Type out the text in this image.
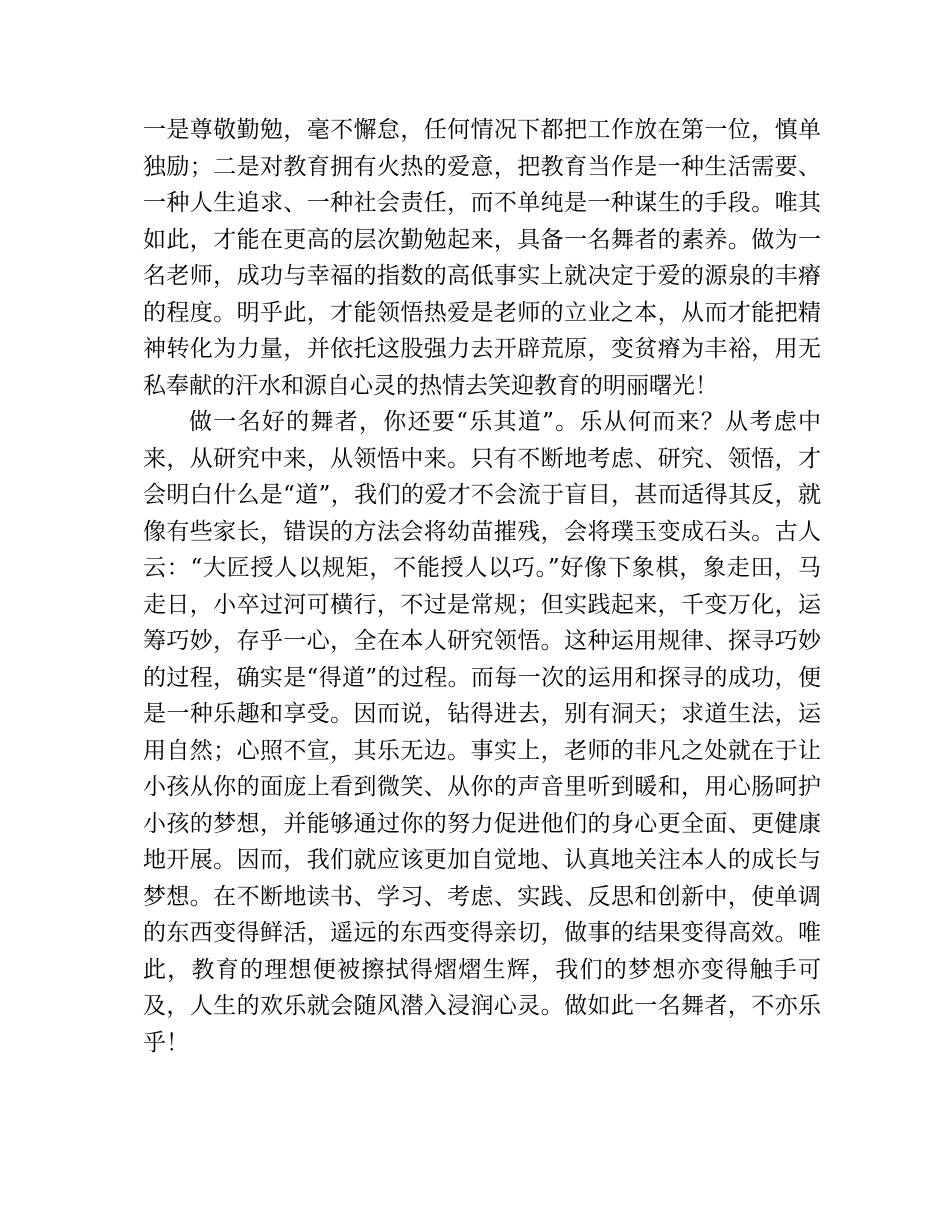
一是尊敬勤勉，毫不懈怠，任何情况下都把工作放在第一位，慎单独励；二是对教育拥有火热的爱意，把教育当作是一种生活需要、一种人生追求、一种社会责任，而不单纯是一种谋生的手段。唯其如此，才能在更高的层次勤勉起来，具备一名舞者的素养。做为一名老师，成功与幸福的指数的高低事实上就决定于爱的源泉的丰瘠的程度。明乎此，才能领悟热爱是老师的立业之本，从而才能把精神转化为力量，并依托这股强力去开辟荒原，变贫瘠为丰裕，用无私奉献的汗水和源自心灵的热情去笑迎教育的明丽曙光！

做一名好的舞者，你还要“乐其道”。乐从何而来？从考虑中来，从研究中来，从领悟中来。只有不断地考虑、研究、领悟，才会明白什么是“道”，我们的爱才不会流于盲目，甚而适得其反，就像有些家长，错误的方法会将幼苗摧残，会将璞玉变成石头。古人云：“大匠授人以规矩，不能授人以巧。”好像下象棋，象走田，马走日，小卒过河可横行，不过是常规；但实践起来，千变万化，运筹巧妙，存乎一心，全在本人研究领悟。这种运用规律、探寻巧妙的过程，确实是“得道”的过程。而每一次的运用和探寻的成功，便是一种乐趣和享受。因而说，钻得进去，别有洞天；求道生法，运用自然；心照不宣，其乐无边。事实上，老师的非凡之处就在于让小孩从你的面庞上看到微笑、从你的声音里听到暖和，用心肠呵护小孩的梦想，并能够通过你的努力促进他们的身心更全面、更健康地开展。因而，我们就应该更加自觉地、认真地关注本人的成长与梦想。在不断地读书、学习、考虑、实践、反思和创新中，使单调的东西变得鲜活，遥远的东西变得亲切，做事的结果变得高效。唯此，教育的理想便被擦拭得熠熠生辉，我们的梦想亦变得触手可及，人生的欢乐就会随风潜入浸润心灵。做如此一名舞者，不亦乐乎！
